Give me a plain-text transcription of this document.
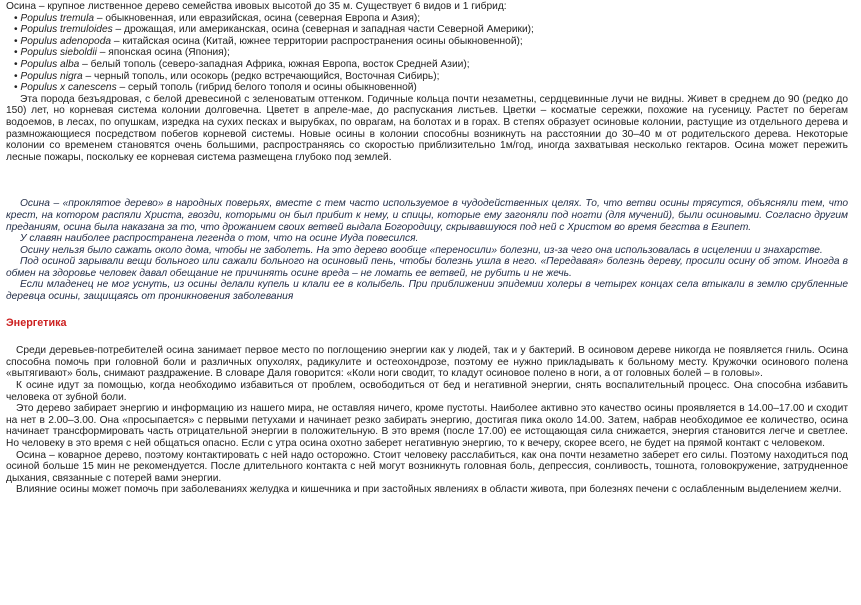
Осина – крупное лиственное дерево семейства ивовых высотой до 35 м. Существует 6 видов и 1 гибрид:

• Populus tremula – обыкновенная, или евразийская, осина (северная Европа и Азия);
• Populus tremuloides – дрожащая, или американская, осина (северная и западная части Северной Америки);
• Populus adenopoda – китайская осина (Китай, южнее территории распространения осины обыкновенной);
• Populus sieboldii – японская осина (Япония);
• Populus alba – белый тополь (северо-западная Африка, южная Европа, восток Средней Азии);
• Populus nigra – черный тополь, или осокорь (редко встречающийся, Восточная Сибирь);
• Populus x canescens – серый тополь (гибрид белого тополя и осины обыкновенной)

Эта порода безъядровая, с белой древесиной с зеленоватым оттенком. Годичные кольца почти незаметны, сердцевинные лучи не видны. Живет в среднем до 90 (редко до 150) лет, но корневая система колонии долговечна. Цветет в апреле-мае, до распускания листьев. Цветки – косматые сережки, похожие на гусеницу. Растет по берегам водоемов, в лесах, по опушкам, изредка на сухих песках и вырубках, по оврагам, на болотах и в горах. В степях образует осиновые колонии, растущие из отдельного дерева и размножающиеся посредством побегов корневой системы. Новые осины в колонии способны возникнуть на расстоянии до 30–40 м от родительского дерева. Некоторые колонии со временем становятся очень большими, распространяясь со скоростью приблизительно 1м/год, иногда захватывая несколько гектаров. Осина может пережить лесные пожары, поскольку ее корневая система размещена глубоко под землей.

Осина – «проклятое дерево» в народных поверьях, вместе с тем часто используемое в чудодейственных целях. То, что ветви осины трясутся, объясняли тем, что крест, на котором распяли Христа, гвозди, которыми он был прибит к нему, и спицы, которые ему загоняли под ногти (для мучений), были осиновыми. Согласно другим преданиям, осина была наказана за то, что дрожанием своих ветвей выдала Богородицу, скрывавшуюся под ней с Христом во время бегства в Египет.

У славян наиболее распространена легенда о том, что на осине Иуда повесился.

Осину нельзя было сажать около дома, чтобы не заболеть. На это дерево вообще «переносили» болезни, из-за чего она использовалась в исцелении и знахарстве.

Под осиной зарывали вещи больного или сажали больного на осиновый пень, чтобы болезнь ушла в него. «Передавая» болезнь дереву, просили осину об этом. Иногда в обмен на здоровье человек давал обещание не причинять осине вреда – не ломать ее ветвей, не рубить и не жечь.

Если младенец не мог уснуть, из осины делали купель и клали ее в колыбель. При приближении эпидемии холеры в четырех концах села втыкали в землю срубленные деревца осины, защищаясь от проникновения заболевания

Энергетика

Среди деревьев-потребителей осина занимает первое место по поглощению энергии как у людей, так и у бактерий. В осиновом дереве никогда не появляется гниль. Осина способна помочь при головной боли и различных опухолях, радикулите и остеохондрозе, поэтому ее нужно прикладывать к больному месту. Кружочки осинового полена «вытягивают» боль, снимают раздражение. В словаре Даля говорится: «Коли ноги сводит, то кладут осиновое полено в ноги, а от головных болей – в головы».

К осине идут за помощью, когда необходимо избавиться от проблем, освободиться от бед и негативной энергии, снять воспалительный процесс. Она способна избавить человека от зубной боли.

Это дерево забирает энергию и информацию из нашего мира, не оставляя ничего, кроме пустоты. Наиболее активно это качество осины проявляется в 14.00–17.00 и сходит на нет в 2.00–3.00. Она «просыпается» с первыми петухами и начинает резко забирать энергию, достигая пика около 14.00. Затем, набрав необходимое ее количество, осина начинает трансформировать часть отрицательной энергии в положительную. В это время (после 17.00) ее истощающая сила снижается, энергия становится легче и светлее. Но человеку в это время с ней общаться опасно. Если с утра осина охотно заберет негативную энергию, то к вечеру, скорее всего, не будет на прямой контакт с человеком.

Осина – коварное дерево, поэтому контактировать с ней надо осторожно. Стоит человеку расслабиться, как она почти незаметно заберет его силы. Поэтому находиться под осиной больше 15 мин не рекомендуется. После длительного контакта с ней могут возникнуть головная боль, депрессия, сонливость, тошнота, головокружение, затрудненное дыхания, связанные с потерей вами энергии.

Влияние осины может помочь при заболеваниях желудка и кишечника и при застойных явлениях в области живота, при болезнях печени с ослабленным выделением желчи.
